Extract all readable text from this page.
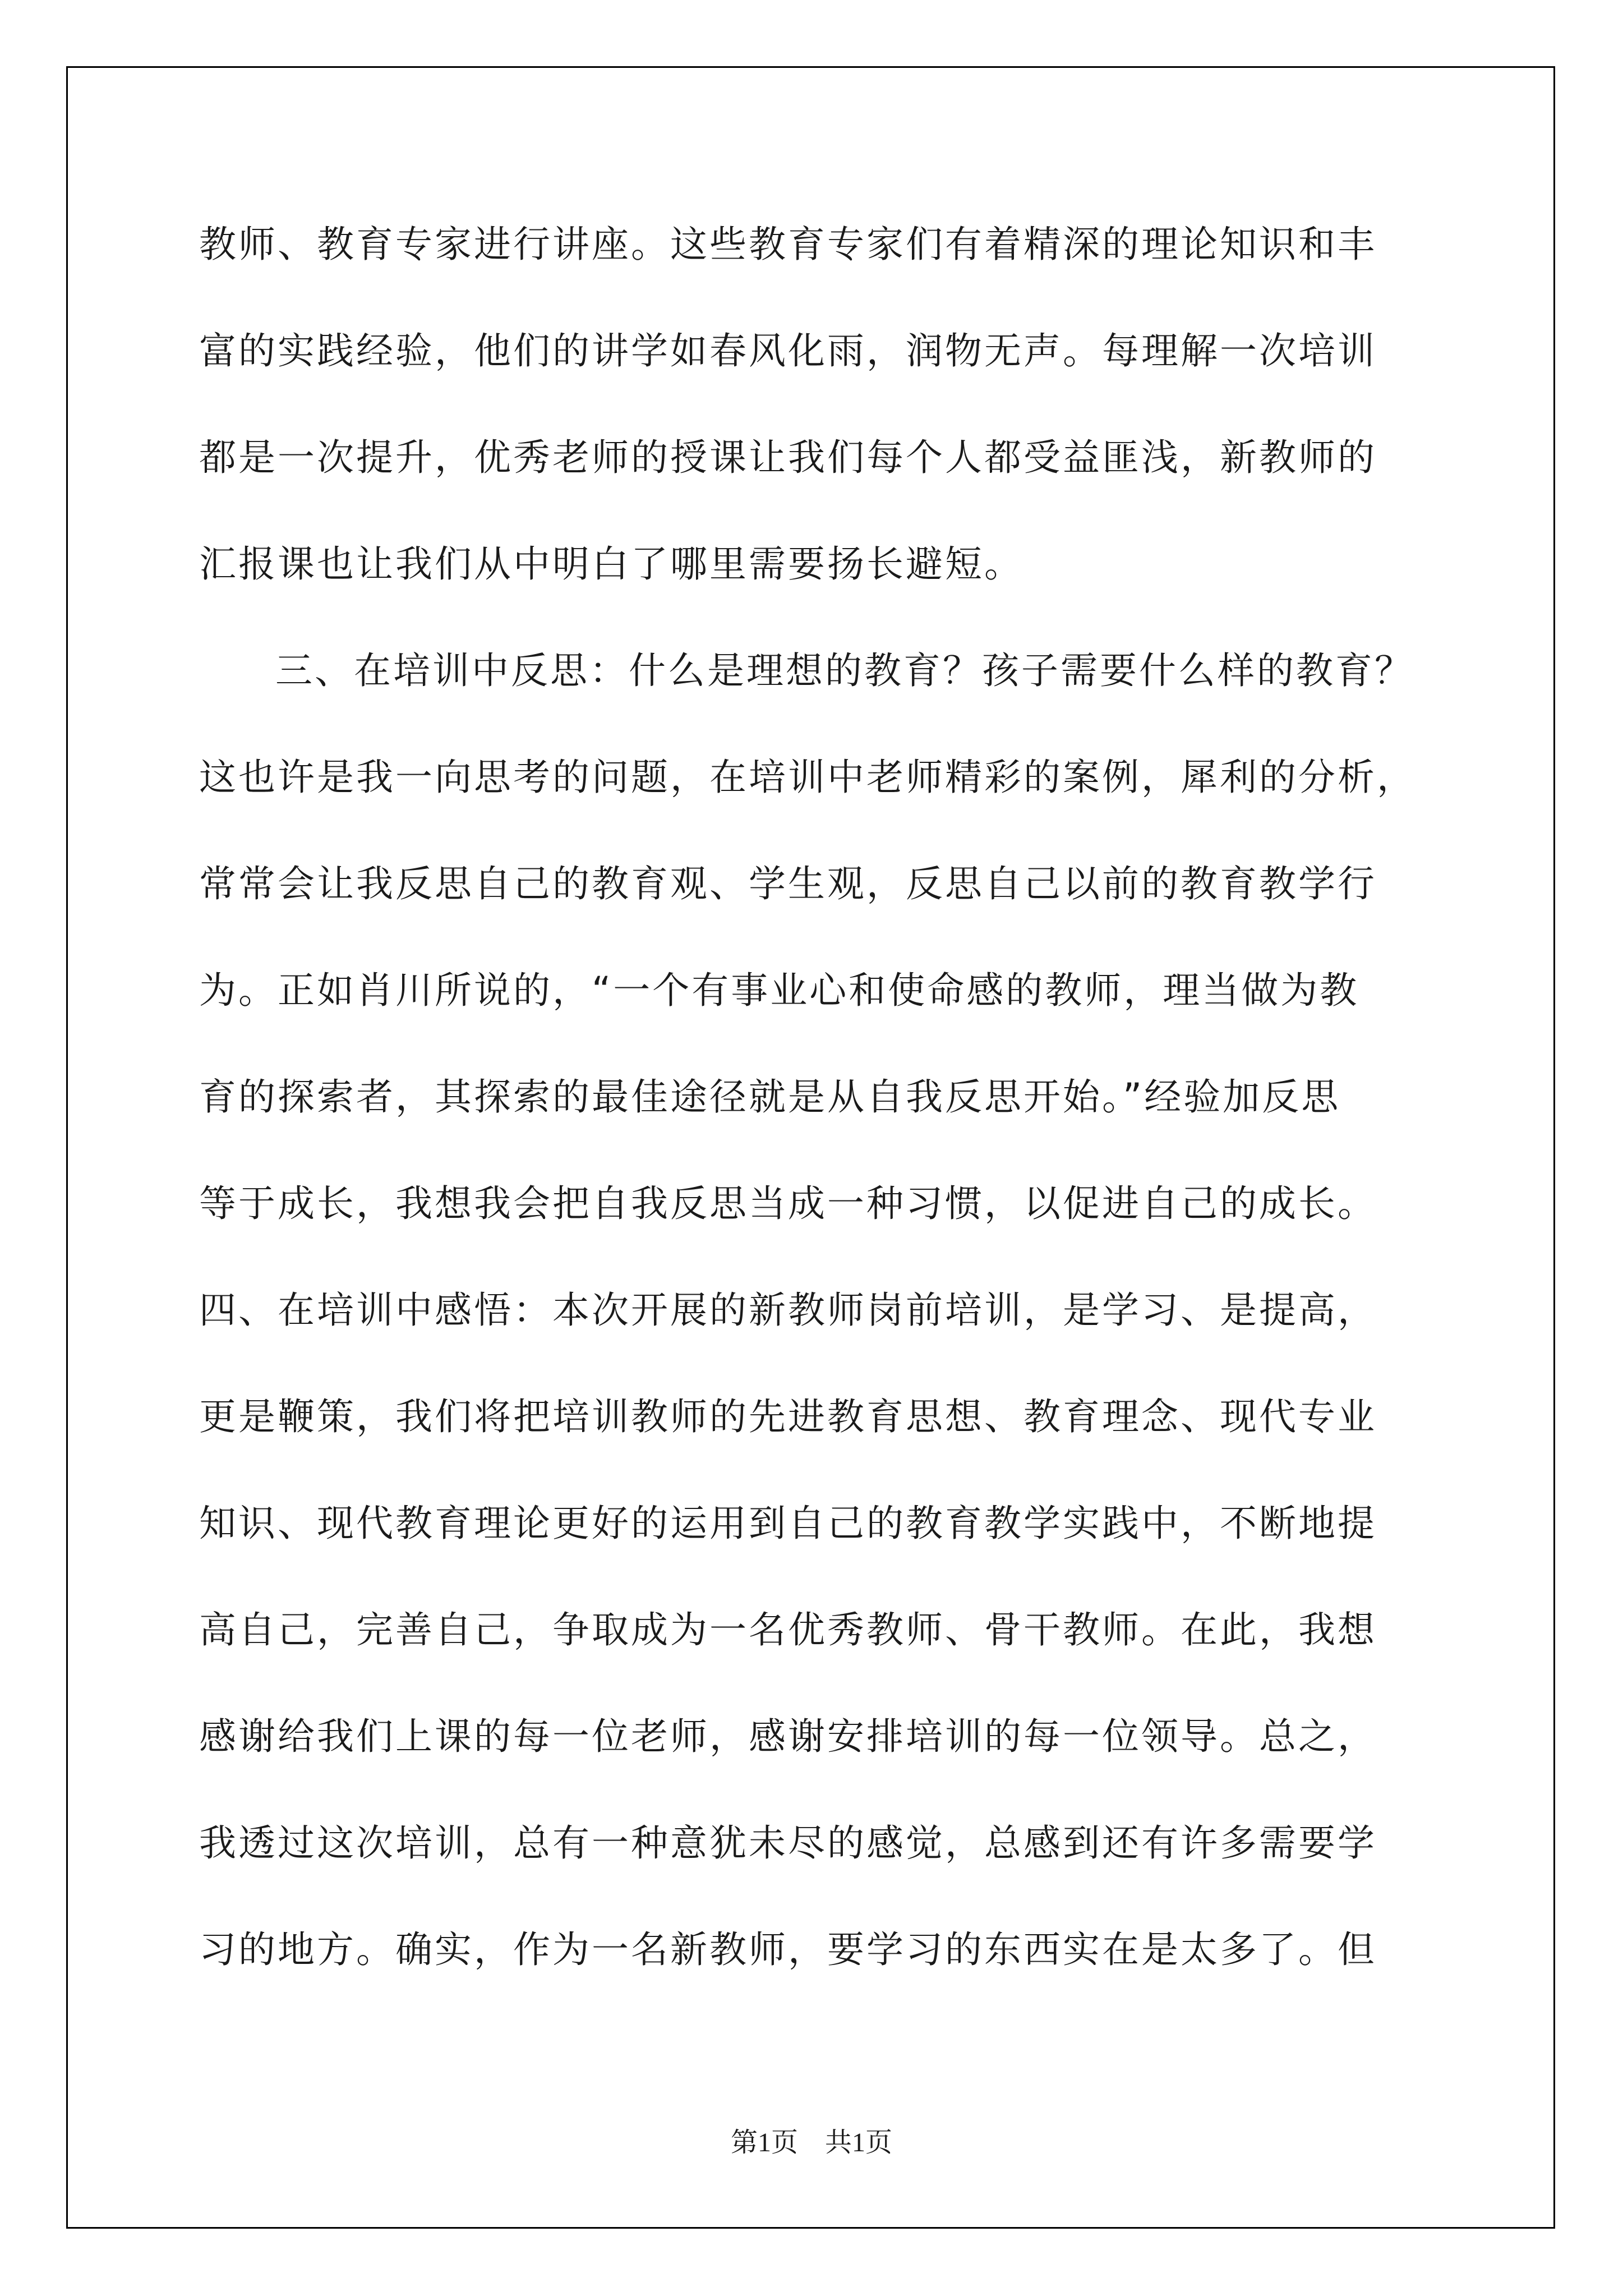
教师、教育专家进行讲座。这些教育专家们有着精深的理论知识和丰
富的实践经验，他们的讲学如春风化雨，润物无声。每理解一次培训
都是一次提升，优秀老师的授课让我们每个人都受益匪浅，新教师的
汇报课也让我们从中明白了哪里需要扬长避短。
三、在培训中反思：什么是理想的教育？孩子需要什么样的教育？
这也许是我一向思考的问题，在培训中老师精彩的案例，犀利的分析，
常常会让我反思自己的教育观、学生观，反思自己以前的教育教学行
为。正如肖川所说的，“一个有事业心和使命感的教师，理当做为教
育的探索者，其探索的最佳途径就是从自我反思开始。”经验加反思
等于成长，我想我会把自我反思当成一种习惯，以促进自己的成长。
四、在培训中感悟：本次开展的新教师岗前培训，是学习、是提高，
更是鞭策，我们将把培训教师的先进教育思想、教育理念、现代专业
知识、现代教育理论更好的运用到自己的教育教学实践中，不断地提
高自己，完善自己，争取成为一名优秀教师、骨干教师。在此，我想
感谢给我们上课的每一位老师，感谢安排培训的每一位领导。总之，
我透过这次培训，总有一种意犹未尽的感觉，总感到还有许多需要学
习的地方。确实，作为一名新教师，要学习的东西实在是太多了。但
第1页　共1页
